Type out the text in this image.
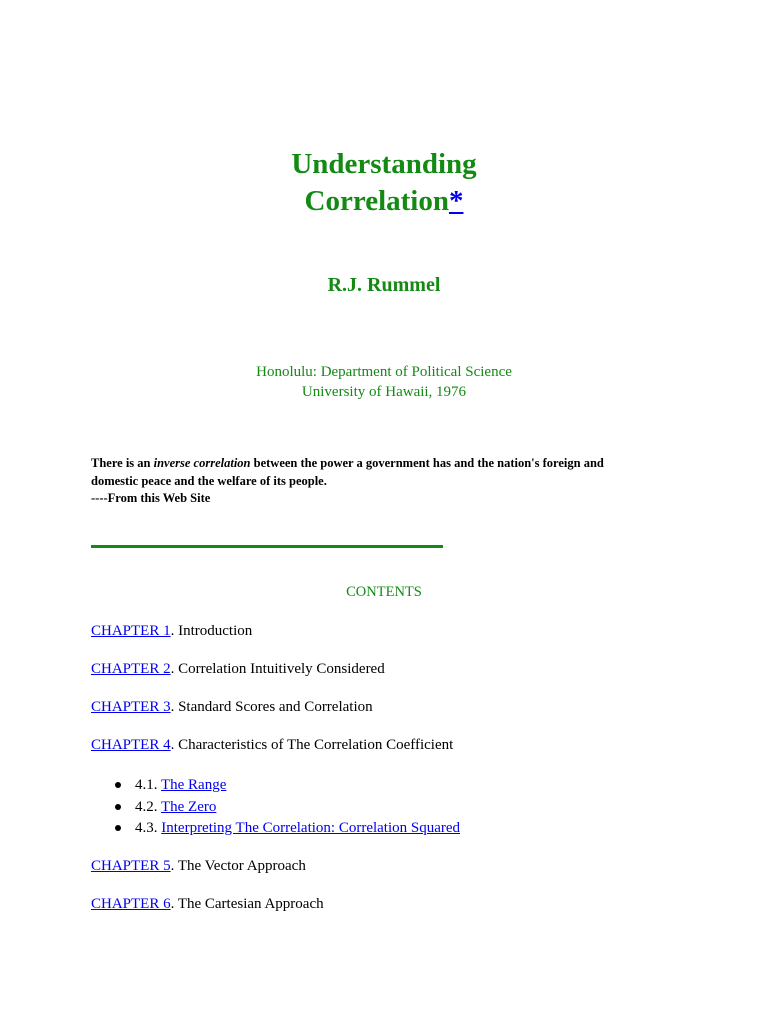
Understanding
Correlation*
R.J. Rummel
Honolulu: Department of Political Science
University of Hawaii, 1976
There is an inverse correlation between the power a government has and the nation's foreign and domestic peace and the welfare of its people.
----From this Web Site
CONTENTS
CHAPTER 1. Introduction
CHAPTER 2. Correlation Intuitively Considered
CHAPTER 3. Standard Scores and Correlation
CHAPTER 4. Characteristics of The Correlation Coefficient
4.1. The Range
4.2. The Zero
4.3. Interpreting The Correlation: Correlation Squared
CHAPTER 5. The Vector Approach
CHAPTER 6. The Cartesian Approach
